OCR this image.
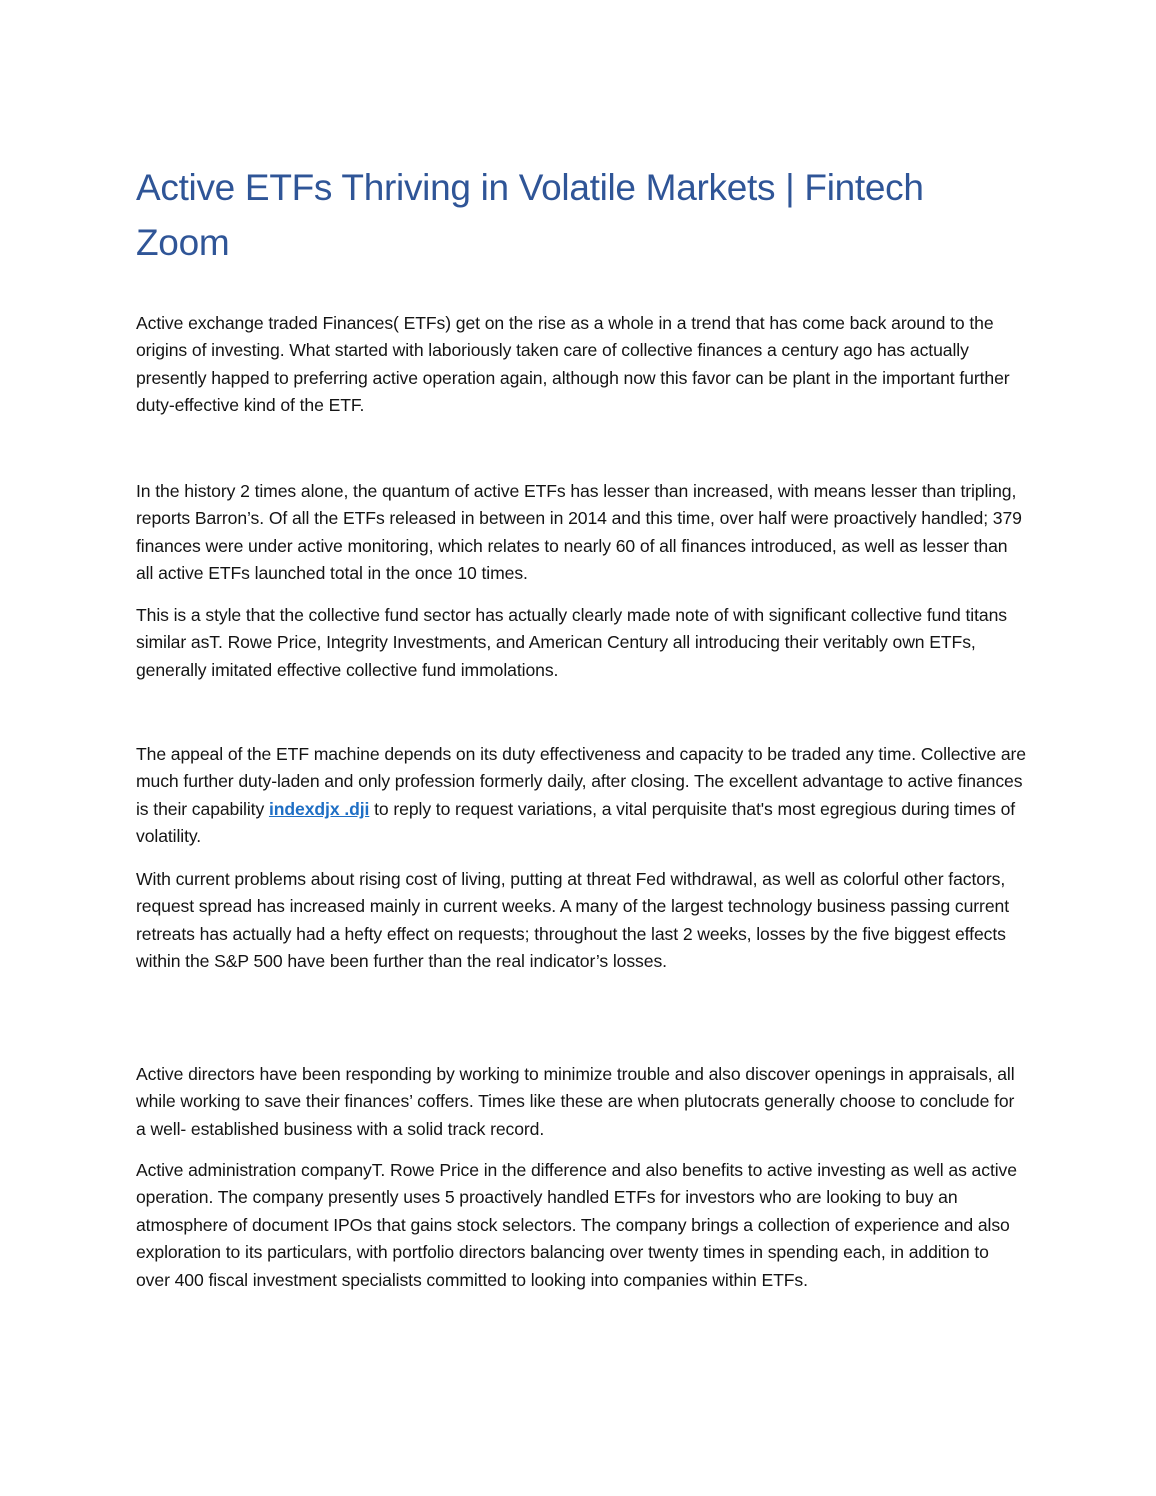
Active ETFs Thriving in Volatile Markets | Fintech Zoom

Active exchange traded Finances( ETFs) get on the rise as a whole in a trend that has come back around to the origins of investing. What started with laboriously taken care of collective finances a century ago has actually presently happed to preferring active operation again, although now this favor can be plant in the important further duty-effective kind of the ETF.

In the history 2 times alone, the quantum of active ETFs has lesser than increased, with means lesser than tripling, reports Barron’s. Of all the ETFs released in between in 2014 and this time, over half were proactively handled; 379 finances were under active monitoring, which relates to nearly 60 of all finances introduced, as well as lesser than all active ETFs launched total in the once 10 times.

This is a style that the collective fund sector has actually clearly made note of with significant collective fund titans similar asT. Rowe Price, Integrity Investments, and American Century all introducing their veritably own ETFs, generally imitated effective collective fund immolations.

The appeal of the ETF machine depends on its duty effectiveness and capacity to be traded any time. Collective are much further duty-laden and only profession formerly daily, after closing. The excellent advantage to active finances is their capability indexdjx .dji to reply to request variations, a vital perquisite that's most egregious during times of volatility.

With current problems about rising cost of living, putting at threat Fed withdrawal, as well as colorful other factors, request spread has increased mainly in current weeks. A many of the largest technology business passing current retreats has actually had a hefty effect on requests; throughout the last 2 weeks, losses by the five biggest effects within the S&P 500 have been further than the real indicator’s losses.

Active directors have been responding by working to minimize trouble and also discover openings in appraisals, all while working to save their finances’ coffers. Times like these are when plutocrats generally choose to conclude for a well- established business with a solid track record.

Active administration companyT. Rowe Price in the difference and also benefits to active investing as well as active operation. The company presently uses 5 proactively handled ETFs for investors who are looking to buy an atmosphere of document IPOs that gains stock selectors. The company brings a collection of experience and also exploration to its particulars, with portfolio directors balancing over twenty times in spending each, in addition to over 400 fiscal investment specialists committed to looking into companies within ETFs.
